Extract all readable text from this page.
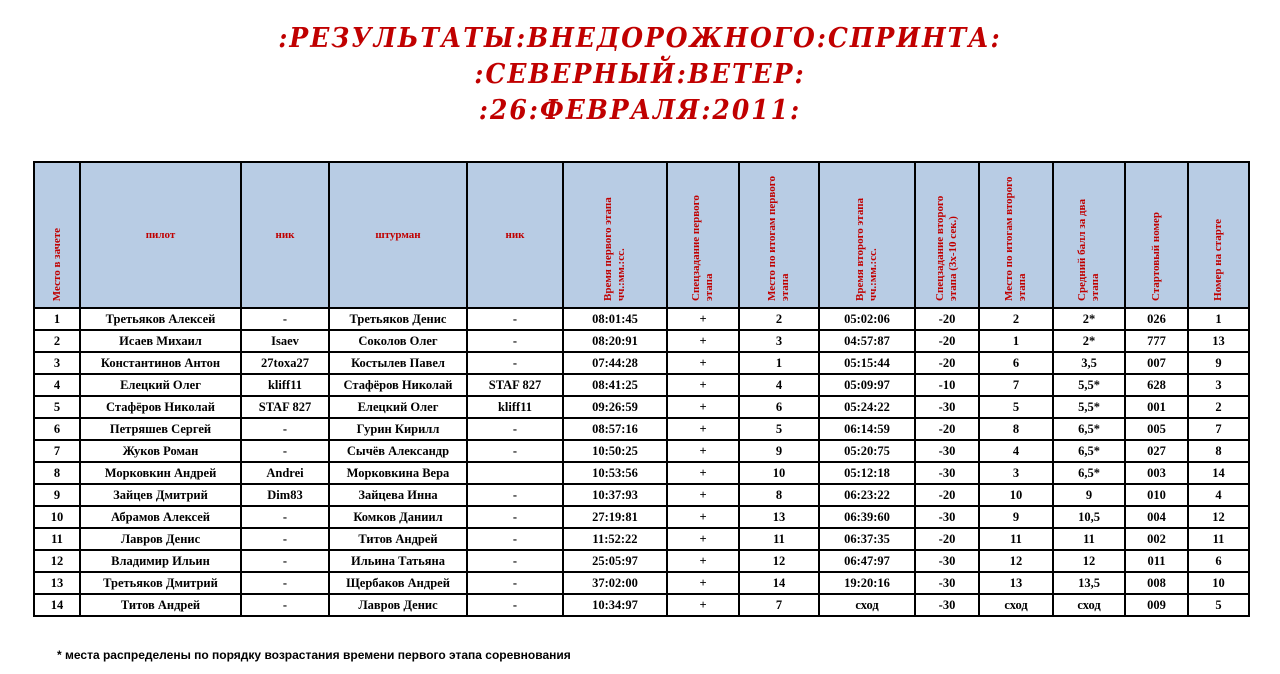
:РЕЗУЛЬТАТЫ:ВНЕДОРОЖНОГО:СПРИНТА:
:СЕВЕРНЫЙ:ВЕТЕР:
:26:ФЕВРАЛЯ:2011:
Место в зачете	пилот	ник	штурман	ник	Время первого этапа чч.:мм.:сс.	Спецзадание первого этапа	Место по итогам первого этапа	Время второго этапа чч.:мм.:сс.	Спецзадание второго этапа (3х-10 сек.)	Место по итогам второго этапа	Средний балл за два этапа	Стартовый номер	Номер на старте

1	Третьяков Алексей	-	Третьяков Денис	-	08:01:45	+	2	05:02:06	-20	2	2*	026	1
2	Исаев Михаил	Isaev	Соколов Олег	-	08:20:91	+	3	04:57:87	-20	1	2*	777	13
3	Константинов Антон	27toxa27	Костылев Павел	-	07:44:28	+	1	05:15:44	-20	6	3,5	007	9
4	Елецкий Олег	kliff11	Стафёров Николай	STAF 827	08:41:25	+	4	05:09:97	-10	7	5,5*	628	3
5	Стафёров Николай	STAF 827	Елецкий Олег	kliff11	09:26:59	+	6	05:24:22	-30	5	5,5*	001	2
6	Петряшев Сергей	-	Гурин Кирилл	-	08:57:16	+	5	06:14:59	-20	8	6,5*	005	7
7	Жуков Роман	-	Сычёв Александр	-	10:50:25	+	9	05:20:75	-30	4	6,5*	027	8
8	Морковкин Андрей	Andrei	Морковкина Вера		10:53:56	+	10	05:12:18	-30	3	6,5*	003	14
9	Зайцев Дмитрий	Dim83	Зайцева Инна	-	10:37:93	+	8	06:23:22	-20	10	9	010	4
10	Абрамов Алексей	-	Комков Даниил	-	27:19:81	+	13	06:39:60	-30	9	10,5	004	12
11	Лавров Денис	-	Титов Андрей	-	11:52:22	+	11	06:37:35	-20	11	11	002	11
12	Владимир Ильин	-	Ильина Татьяна	-	25:05:97	+	12	06:47:97	-30	12	12	011	6
13	Третьяков Дмитрий	-	Щербаков Андрей	-	37:02:00	+	14	19:20:16	-30	13	13,5	008	10
14	Титов Андрей	-	Лавров Денис	-	10:34:97	+	7	сход	-30	сход	сход	009	5
* места распределены по порядку возрастания времени первого этапа соревнования
